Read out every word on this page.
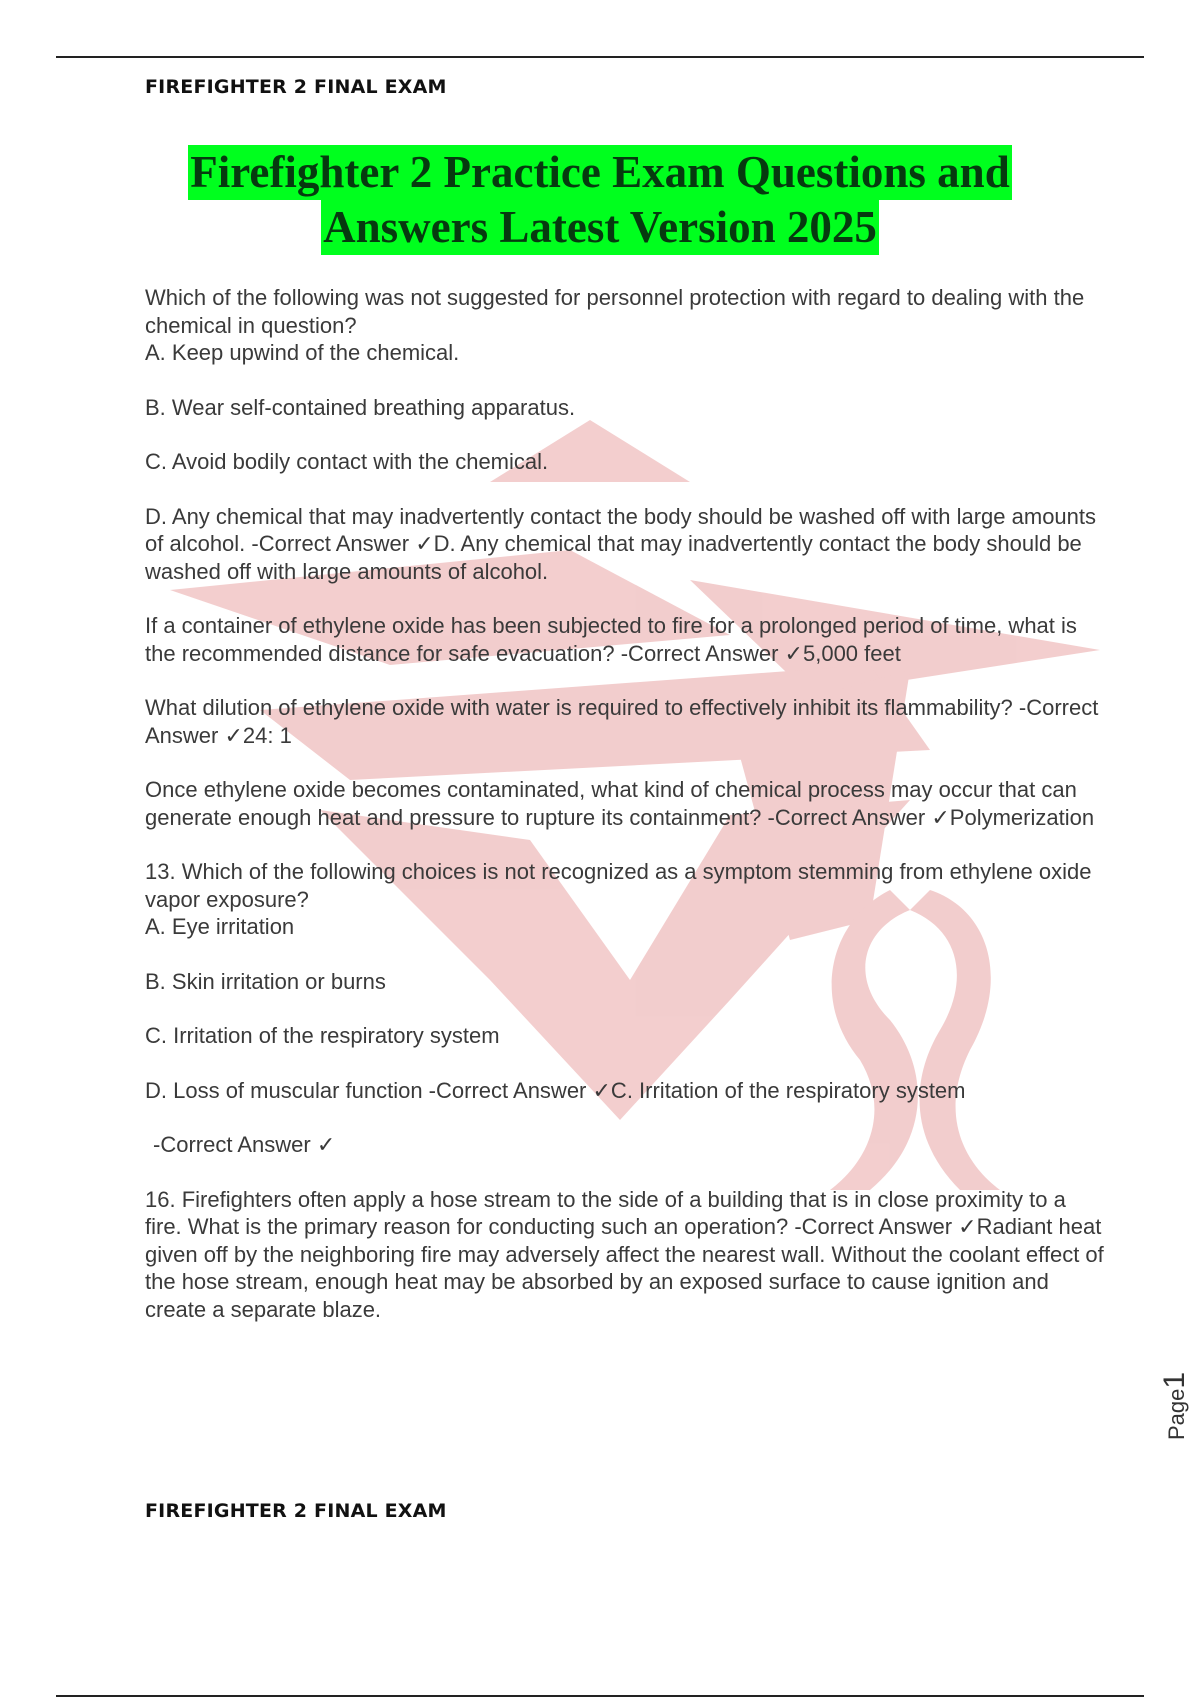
FIREFIGHTER 2 FINAL EXAM
Firefighter 2 Practice Exam Questions and
Answers Latest Version 2025

Which of the following was not suggested for personnel protection with regard to dealing with the chemical in question?

A. Keep upwind of the chemical.

B. Wear self-contained breathing apparatus.

C. Avoid bodily contact with the chemical.

D. Any chemical that may inadvertently contact the body should be washed off with large amounts of alcohol. -Correct Answer ✓D. Any chemical that may inadvertently contact the body should be washed off with large amounts of alcohol.

If a container of ethylene oxide has been subjected to fire for a prolonged period of time, what is the recommended distance for safe evacuation? -Correct Answer ✓5,000 feet

What dilution of ethylene oxide with water is required to effectively inhibit its flammability? -Correct Answer ✓24: 1

Once ethylene oxide becomes contaminated, what kind of chemical process may occur that can generate enough heat and pressure to rupture its containment? -Correct Answer ✓Polymerization

13. Which of the following choices is not recognized as a symptom stemming from ethylene oxide vapor exposure?

A. Eye irritation

B. Skin irritation or burns

C. Irritation of the respiratory system

D. Loss of muscular function -Correct Answer ✓C. Irritation of the respiratory system

-Correct Answer ✓

16. Firefighters often apply a hose stream to the side of a building that is in close proximity to a fire. What is the primary reason for conducting such an operation? -Correct Answer ✓Radiant heat given off by the neighboring fire may adversely affect the nearest wall. Without the coolant effect of the hose stream, enough heat may be absorbed by an exposed surface to cause ignition and create a separate blaze.

Page1
FIREFIGHTER 2 FINAL EXAM
